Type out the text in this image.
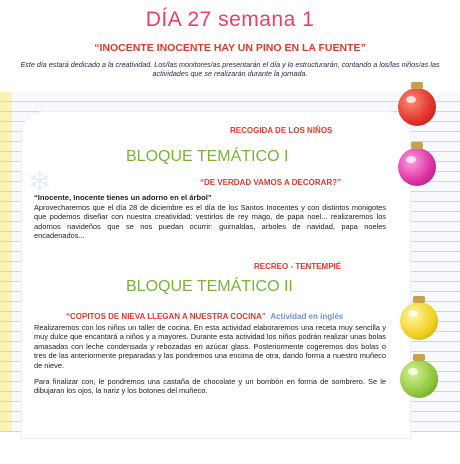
DÍA 27 semana 1
“INOCENTE INOCENTE HAY UN PINO EN LA FUENTE”
Este día estará dedicado a la creatividad. Los/las monitores/as presentarán el día y lo estructurarán, contando a los/las niños/as las actividades que se realizarán durante la jornada.
❄
RECOGIDA DE LOS NIÑOS
BLOQUE TEMÁTICO I
“DE VERDAD VAMOS A DECORAR?”
“Inocente, Inocente tienes un adorno en el árbol”
Aprovecharemos que el día 28 de diciembre es el día de los Santos Inocentes y con distintos monigotes que podemos diseñar con nuestra creatividad: vestirlos de rey mago, de papa noel... realizaremos los adornos navideños que se nos puedan ocurrir: guirnaldas, arboles de navidad, papa noeles encadenados...
RECREO - TENTEMPIÉ
BLOQUE TEMÁTICO II
“COPITOS DE NIEVA LLEGAN A NUESTRA COCINA” Actividad en inglés
Realizaremos con los niños un taller de cocina. En esta actividad elaboraremos una receta muy sencilla y muy dulce que encantará a niños y a mayores. Durante esta actividad los niños podrán realizar unas bolas amasadas con leche condensada y rebozadas en azúcar glass. Posteriormente cogeremos dos bolas o tres de las anteriormente preparadas y las pondremos una encima de otra, dando forma a nuestro muñeco de nieve.
Para finalizar con, le pondremos una castaña de chocolate y un bombón en forma de sombrero. Se le dibujaran los ojos, la nariz y los botones del muñeco.
